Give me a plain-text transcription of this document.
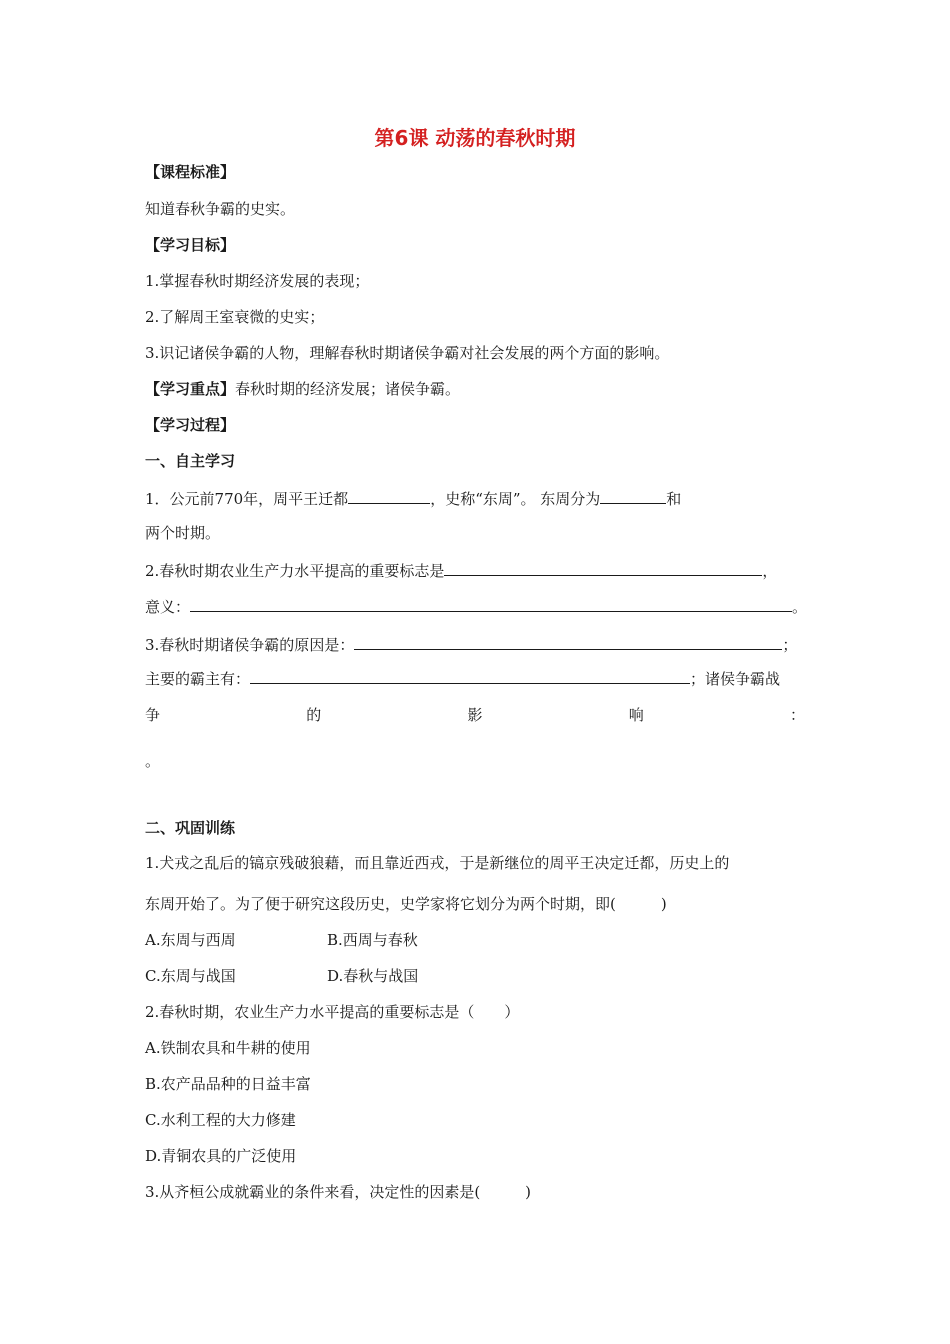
第6课 动荡的春秋时期
【课程标准】
知道春秋争霸的史实。
【学习目标】
1.掌握春秋时期经济发展的表现；
2.了解周王室衰微的史实；
3.识记诸侯争霸的人物，理解春秋时期诸侯争霸对社会发展的两个方面的影响。
【学习重点】春秋时期的经济发展；诸侯争霸。
【学习过程】
一、自主学习
1．公元前770年，周平王迁都	，史称“东周”。 东周分为	和
两个时期。
2.春秋时期农业生产力水平提高的重要标志是	，
意义：	。
3.春秋时期诸侯争霸的原因是：	；
主要的霸主有：	；诸侯争霸战
争	的	影	响	：
。
二、巩固训练
1.犬戎之乱后的镐京残破狼藉，而且靠近西戎，于是新继位的周平王决定迁都，历史上的
东周开始了。为了便于研究这段历史，史学家将它划分为两个时期，即(　　　)
A.东周与西周	B.西周与春秋
C.东周与战国	D.春秋与战国
2.春秋时期，农业生产力水平提高的重要标志是（　　）
A.铁制农具和牛耕的使用
B.农产品品种的日益丰富
C.水利工程的大力修建
D.青铜农具的广泛使用
3.从齐桓公成就霸业的条件来看，决定性的因素是(　　　)
